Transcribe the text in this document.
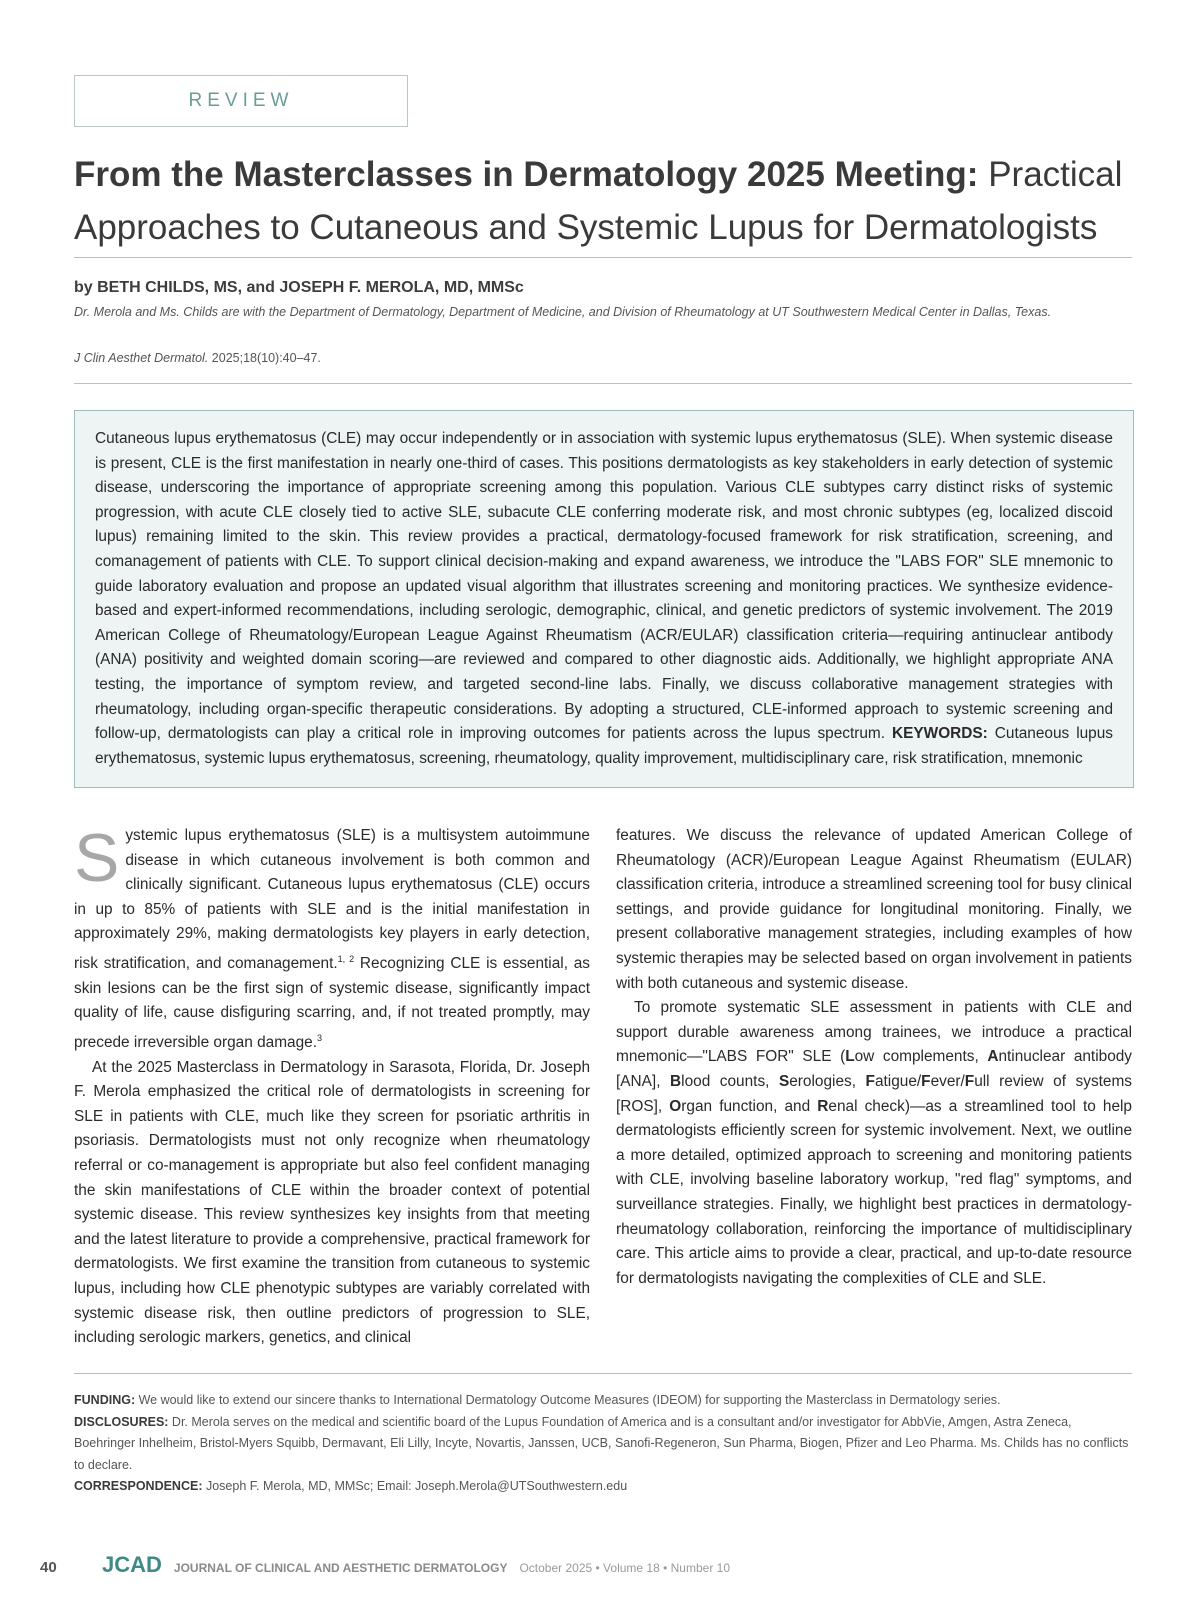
REVIEW
From the Masterclasses in Dermatology 2025 Meeting: Practical Approaches to Cutaneous and Systemic Lupus for Dermatologists
by BETH CHILDS, MS, and JOSEPH F. MEROLA, MD, MMSc
Dr. Merola and Ms. Childs are with the Department of Dermatology, Department of Medicine, and Division of Rheumatology at UT Southwestern Medical Center in Dallas, Texas.
J Clin Aesthet Dermatol. 2025;18(10):40–47.

Cutaneous lupus erythematosus (CLE) may occur independently or in association with systemic lupus erythematosus (SLE). When systemic disease is present, CLE is the first manifestation in nearly one-third of cases. This positions dermatologists as key stakeholders in early detection of systemic disease, underscoring the importance of appropriate screening among this population. Various CLE subtypes carry distinct risks of systemic progression, with acute CLE closely tied to active SLE, subacute CLE conferring moderate risk, and most chronic subtypes (eg, localized discoid lupus) remaining limited to the skin. This review provides a practical, dermatology-focused framework for risk stratification, screening, and comanagement of patients with CLE. To support clinical decision-making and expand awareness, we introduce the "LABS FOR" SLE mnemonic to guide laboratory evaluation and propose an updated visual algorithm that illustrates screening and monitoring practices. We synthesize evidence-based and expert-informed recommendations, including serologic, demographic, clinical, and genetic predictors of systemic involvement. The 2019 American College of Rheumatology/European League Against Rheumatism (ACR/EULAR) classification criteria—requiring antinuclear antibody (ANA) positivity and weighted domain scoring—are reviewed and compared to other diagnostic aids. Additionally, we highlight appropriate ANA testing, the importance of symptom review, and targeted second-line labs. Finally, we discuss collaborative management strategies with rheumatology, including organ-specific therapeutic considerations. By adopting a structured, CLE-informed approach to systemic screening and follow-up, dermatologists can play a critical role in improving outcomes for patients across the lupus spectrum. KEYWORDS: Cutaneous lupus erythematosus, systemic lupus erythematosus, screening, rheumatology, quality improvement, multidisciplinary care, risk stratification, mnemonic

Systemic lupus erythematosus (SLE) is a multisystem autoimmune disease in which cutaneous involvement is both common and clinically significant. Cutaneous lupus erythematosus (CLE) occurs in up to 85% of patients with SLE and is the initial manifestation in approximately 29%, making dermatologists key players in early detection, risk stratification, and comanagement.$^{1, 2}$ Recognizing CLE is essential, as skin lesions can be the first sign of systemic disease, significantly impact quality of life, cause disfiguring scarring, and, if not treated promptly, may precede irreversible organ damage.$^3$

At the 2025 Masterclass in Dermatology in Sarasota, Florida, Dr. Joseph F. Merola emphasized the critical role of dermatologists in screening for SLE in patients with CLE, much like they screen for psoriatic arthritis in psoriasis. Dermatologists must not only recognize when rheumatology referral or co-management is appropriate but also feel confident managing the skin manifestations of CLE within the broader context of potential systemic disease. This review synthesizes key insights from that meeting and the latest literature to provide a comprehensive, practical framework for dermatologists. We first examine the transition from cutaneous to systemic lupus, including how CLE phenotypic subtypes are variably correlated with systemic disease risk, then outline predictors of progression to SLE, including serologic markers, genetics, and clinical

features. We discuss the relevance of updated American College of Rheumatology (ACR)/European League Against Rheumatism (EULAR) classification criteria, introduce a streamlined screening tool for busy clinical settings, and provide guidance for longitudinal monitoring. Finally, we present collaborative management strategies, including examples of how systemic therapies may be selected based on organ involvement in patients with both cutaneous and systemic disease.

To promote systematic SLE assessment in patients with CLE and support durable awareness among trainees, we introduce a practical mnemonic—"LABS FOR" SLE (Low complements, Antinuclear antibody [ANA], Blood counts, Serologies, Fatigue/Fever/Full review of systems [ROS], Organ function, and Renal check)—as a streamlined tool to help dermatologists efficiently screen for systemic involvement. Next, we outline a more detailed, optimized approach to screening and monitoring patients with CLE, involving baseline laboratory workup, "red flag" symptoms, and surveillance strategies. Finally, we highlight best practices in dermatology-rheumatology collaboration, reinforcing the importance of multidisciplinary care. This article aims to provide a clear, practical, and up-to-date resource for dermatologists navigating the complexities of CLE and SLE.

FUNDING: We would like to extend our sincere thanks to International Dermatology Outcome Measures (IDEOM) for supporting the Masterclass in Dermatology series.

DISCLOSURES: Dr. Merola serves on the medical and scientific board of the Lupus Foundation of America and is a consultant and/or investigator for AbbVie, Amgen, Astra Zeneca, Boehringer Inhelheim, Bristol-Myers Squibb, Dermavant, Eli Lilly, Incyte, Novartis, Janssen, UCB, Sanofi-Regeneron, Sun Pharma, Biogen, Pfizer and Leo Pharma. Ms. Childs has no conflicts to declare.

CORRESPONDENCE: Joseph F. Merola, MD, MMSc; Email: Joseph.Merola@UTSouthwestern.edu

40	JCAD JOURNAL OF CLINICAL AND AESTHETIC DERMATOLOGY October 2025 • Volume 18 • Number 10
